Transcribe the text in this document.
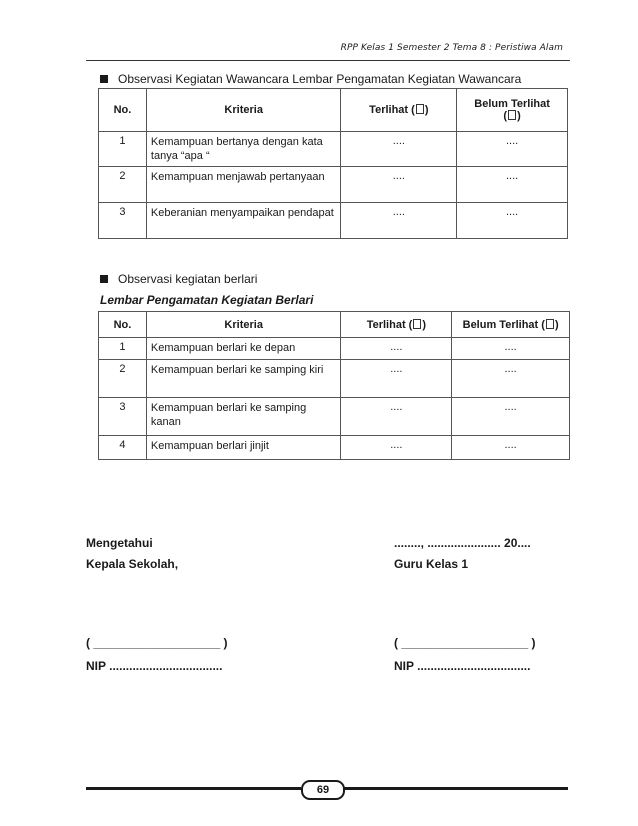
RPP Kelas 1 Semester 2 Tema 8 : Peristiwa Alam
Observasi Kegiatan Wawancara Lembar Pengamatan Kegiatan Wawancara
No.	Kriteria	Terlihat ( )	Belum Terlihat
( )
1	Kemampuan bertanya dengan kata tanya “apa “	....	....
2	Kemampuan menjawab pertanyaan	....	....
3	Keberanian menyampaikan pendapat	....	....
Observasi kegiatan berlari
Lembar Pengamatan Kegiatan Berlari
No.	Kriteria	Terlihat ( )	Belum Terlihat ( )
1	Kemampuan berlari ke depan	....	....
2	Kemampuan berlari ke samping kiri	....	....
3	Kemampuan berlari ke samping kanan	....	....
4	Kemampuan berlari jinjit	....	....
Mengetahui
Kepala Sekolah,
( ___________________ )
NIP ..................................
........, ...................... 20....
Guru Kelas 1
( ___________________ )
NIP ..................................
69
